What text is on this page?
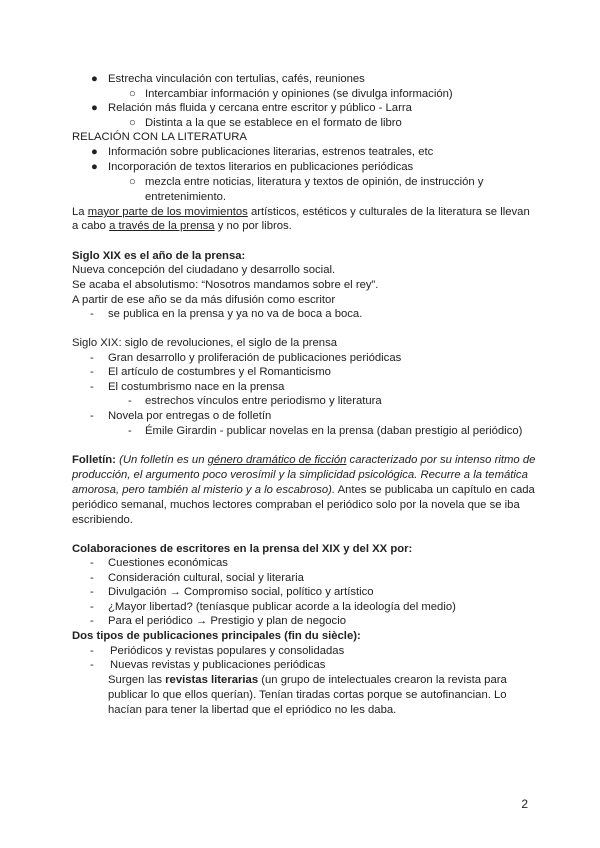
● Estrecha vinculación con tertulias, cafés, reuniones
○ Intercambiar información y opiniones (se divulga información)
● Relación más fluida y cercana entre escritor y público - Larra
○ Distinta a la que se establece en el formato de libro
RELACIÓN CON LA LITERATURA
● Información sobre publicaciones literarias, estrenos teatrales, etc
● Incorporación de textos literarios en publicaciones periódicas
○ mezcla entre noticias, literatura y textos de opinión, de instrucción y
entretenimiento.
La mayor parte de los movimientos artísticos, estéticos y culturales de la literatura se llevan
a cabo a través de la prensa y no por libros.
Siglo XIX es el año de la prensa:
Nueva concepción del ciudadano y desarrollo social.
Se acaba el absolutismo: “Nosotros mandamos sobre el rey”.
A partir de ese año se da más difusión como escritor
- se publica en la prensa y ya no va de boca a boca.
Siglo XIX: siglo de revoluciones, el siglo de la prensa
- Gran desarrollo y proliferación de publicaciones periódicas
- El artículo de costumbres y el Romanticismo
- El costumbrismo nace en la prensa
- estrechos vínculos entre periodismo y literatura
- Novela por entregas o de folletín
- Émile Girardin - publicar novelas en la prensa (daban prestigio al periódico)
Folletín: (Un folletín es un género dramático de ficción caracterizado por su intenso ritmo de
producción, el argumento poco verosímil y la simplicidad psicológica. Recurre a la temática
amorosa, pero también al misterio y a lo escabroso). Antes se publicaba un capítulo en cada
periódico semanal, muchos lectores compraban el periódico solo por la novela que se iba
escribiendo.
Colaboraciones de escritores en la prensa del XIX y del XX por:
- Cuestiones económicas
- Consideración cultural, social y literaria
- Divulgación → Compromiso social, político y artístico
- ¿Mayor libertad? (teníasque publicar acorde a la ideología del medio)
- Para el periódico → Prestigio y plan de negocio
Dos tipos de publicaciones principales (fin du siècle):
- Periódicos y revistas populares y consolidadas
- Nuevas revistas y publicaciones periódicas
Surgen las revistas literarias (un grupo de intelectuales crearon la revista para
publicar lo que ellos querían). Tenían tiradas cortas porque se autofinancian. Lo
hacían para tener la libertad que el epriódico no les daba.
2
